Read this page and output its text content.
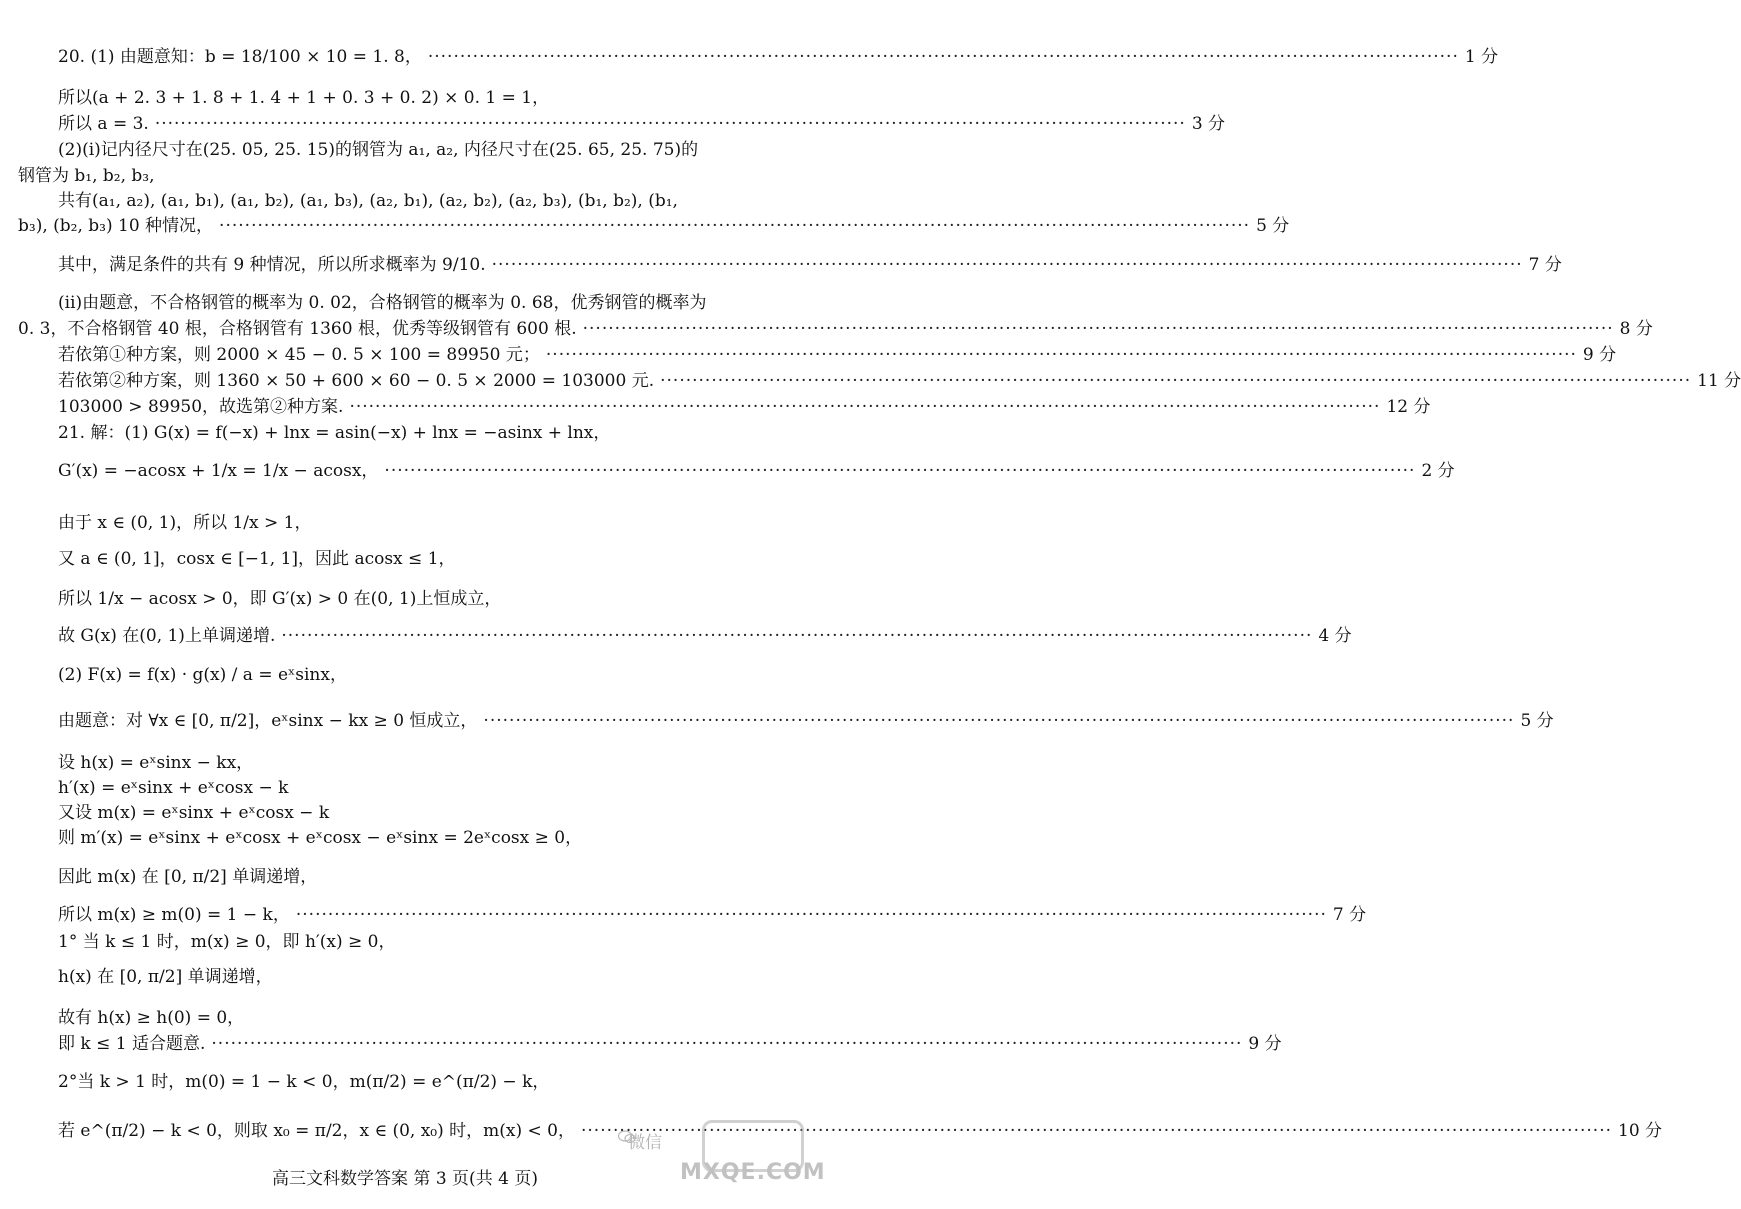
20. (1) 由题意知：b = 18/100 × 10 = 1. 8， ·····	1 分
所以(a + 2. 3 + 1. 8 + 1. 4 + 1 + 0. 3 + 0. 2) × 0. 1 = 1，
所以 a = 3. ·····	3 分
(2)(ⅰ)记内径尺寸在(25. 05, 25. 15)的钢管为 a₁, a₂, 内径尺寸在(25. 65, 25. 75)的
钢管为 b₁, b₂, b₃,
共有(a₁, a₂), (a₁, b₁), (a₁, b₂), (a₁, b₃), (a₂, b₁), (a₂, b₂), (a₂, b₃), (b₁, b₂), (b₁,
b₃), (b₂, b₃) 10 种情况， ·····	5 分
其中，满足条件的共有 9 种情况，所以所求概率为 9/10. ·····	7 分
(ⅱ)由题意，不合格钢管的概率为 0. 02，合格钢管的概率为 0. 68，优秀钢管的概率为
0. 3，不合格钢管 40 根，合格钢管有 1360 根，优秀等级钢管有 600 根. ·····	8 分
若依第①种方案，则 2000 × 45 − 0. 5 × 100 = 89950 元； ·····	9 分
若依第②种方案，则 1360 × 50 + 600 × 60 − 0. 5 × 2000 = 103000 元. ·····	11 分
103000 > 89950，故选第②种方案. ·····	12 分
21. 解：(1) G(x) = f(−x) + lnx = asin(−x) + lnx = −asinx + lnx，
G′(x) = −acosx + 1/x = 1/x − acosx， ·····	2 分
由于 x ∈ (0, 1)，所以 1/x > 1，
又 a ∈ (0, 1]，cosx ∈ [−1, 1]，因此 acosx ≤ 1，
所以 1/x − acosx > 0，即 G′(x) > 0 在(0, 1)上恒成立，
故 G(x) 在(0, 1)上单调递增. ·····	4 分
(2) F(x) = f(x) · g(x) / a = eˣsinx，
由题意：对 ∀x ∈ [0, π/2]，eˣsinx − kx ≥ 0 恒成立， ·····	5 分
设 h(x) = eˣsinx − kx，
h′(x) = eˣsinx + eˣcosx − k
又设 m(x) = eˣsinx + eˣcosx − k
则 m′(x) = eˣsinx + eˣcosx + eˣcosx − eˣsinx = 2eˣcosx ≥ 0，
因此 m(x) 在 [0, π/2] 单调递增，
所以 m(x) ≥ m(0) = 1 − k， ·····	7 分
1° 当 k ≤ 1 时，m(x) ≥ 0，即 h′(x) ≥ 0，
h(x) 在 [0, π/2] 单调递增，
故有 h(x) ≥ h(0) = 0，
即 k ≤ 1 适合题意. ·····	9 分
2°当 k > 1 时，m(0) = 1 − k < 0，m(π/2) = e^(π/2) − k，
若 e^(π/2) − k < 0，则取 x₀ = π/2，x ∈ (0, x₀) 时，m(x) < 0， ·····	10 分
高三文科数学答案 第 3 页(共 4 页)
微信
MXQE.COM
